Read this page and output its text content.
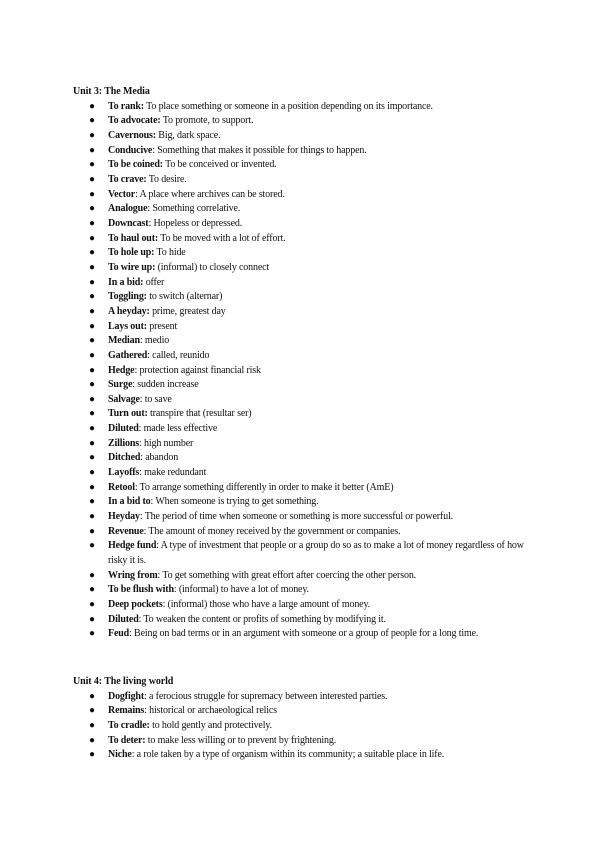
Unit 3: The Media

● To rank: To place something or someone in a position depending on its importance.
● To advocate: To promote, to support.
● Cavernous: Big, dark space.
● Conducive: Something that makes it possible for things to happen.
● To be coined: To be conceived or invented.
● To crave: To desire.
● Vector: A place where archives can be stored.
● Analogue: Something correlative.
● Downcast: Hopeless or depressed.
● To haul out: To be moved with a lot of effort.
● To hole up: To hide
● To wire up: (informal) to closely connect
● In a bid: offer
● Toggling: to switch (alternar)
● A heyday: prime, greatest day
● Lays out: present
● Median: medio
● Gathered: called, reunido
● Hedge: protection against financial risk
● Surge: sudden increase
● Salvage: to save
● Turn out: transpire that (resultar ser)
● Diluted: made less effective
● Zillions: high number
● Ditched: abandon
● Layoffs: make redundant
● Retool: To arrange something differently in order to make it better (AmE)
● In a bid to: When someone is trying to get something.
● Heyday: The period of time when someone or something is more successful or powerful.
● Revenue: The amount of money received by the government or companies.
● Hedge fund: A type of investment that people or a group do so as to make a lot of money regardless of how risky it is.
● Wring from: To get something with great effort after coercing the other person.
● To be flush with: (informal) to have a lot of money.
● Deep pockets: (informal) those who have a large amount of money.
● Diluted: To weaken the content or profits of something by modifying it.
● Feud: Being on bad terms or in an argument with someone or a group of people for a long time.

Unit 4: The living world

● Dogfight: a ferocious struggle for supremacy between interested parties.
● Remains: historical or archaeological relics
● To cradle: to hold gently and protectively.
● To deter: to make less willing or to prevent by frightening.
● Niche: a role taken by a type of organism within its community; a suitable place in life.
